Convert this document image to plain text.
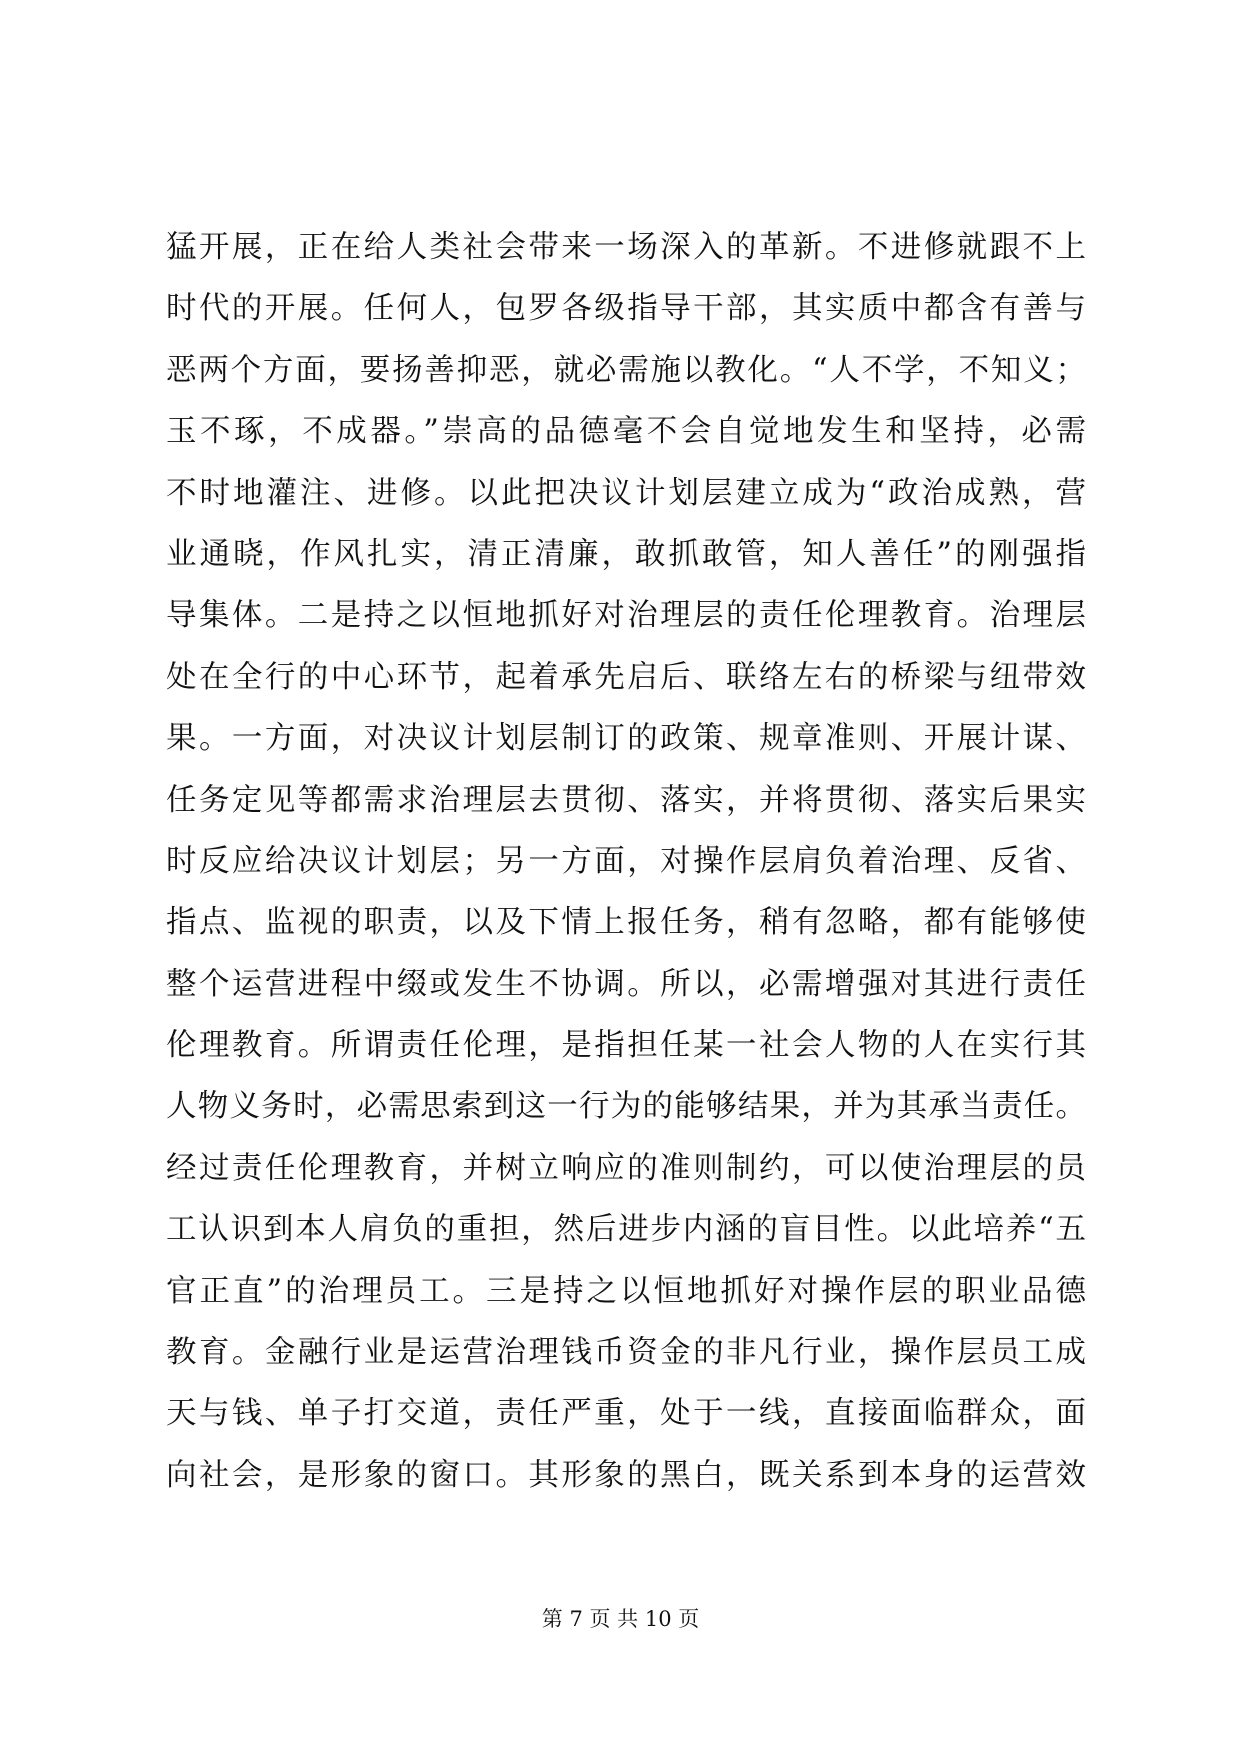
猛开展，正在给人类社会带来一场深入的革新。不进修就跟不上
时代的开展。任何人，包罗各级指导干部，其实质中都含有善与
恶两个方面，要扬善抑恶，就必需施以教化。“人不学，不知义；
玉不琢，不成器。”崇高的品德毫不会自觉地发生和坚持，必需
不时地灌注、进修。以此把决议计划层建立成为“政治成熟，营
业通晓，作风扎实，清正清廉，敢抓敢管，知人善任”的刚强指
导集体。二是持之以恒地抓好对治理层的责任伦理教育。治理层
处在全行的中心环节，起着承先启后、联络左右的桥梁与纽带效
果。一方面，对决议计划层制订的政策、规章准则、开展计谋、
任务定见等都需求治理层去贯彻、落实，并将贯彻、落实后果实
时反应给决议计划层；另一方面，对操作层肩负着治理、反省、
指点、监视的职责，以及下情上报任务，稍有忽略，都有能够使
整个运营进程中缀或发生不协调。所以，必需增强对其进行责任
伦理教育。所谓责任伦理，是指担任某一社会人物的人在实行其
人物义务时，必需思索到这一行为的能够结果，并为其承当责任。
经过责任伦理教育，并树立响应的准则制约，可以使治理层的员
工认识到本人肩负的重担，然后进步内涵的盲目性。以此培养“五
官正直”的治理员工。三是持之以恒地抓好对操作层的职业品德
教育。金融行业是运营治理钱币资金的非凡行业，操作层员工成
天与钱、单子打交道，责任严重，处于一线，直接面临群众，面
向社会，是形象的窗口。其形象的黑白，既关系到本身的运营效
第 7 页 共 10 页
